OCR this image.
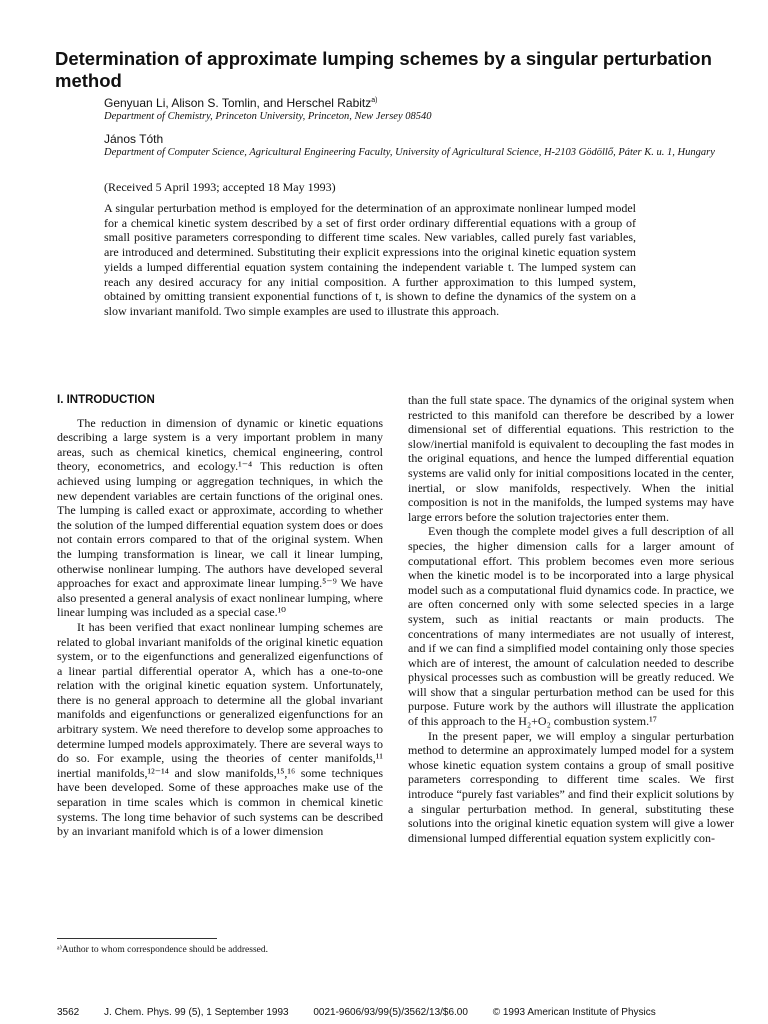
Determination of approximate lumping schemes by a singular perturbation method
Genyuan Li, Alison S. Tomlin, and Herschel Rabitz$^{a)}$
Department of Chemistry, Princeton University, Princeton, New Jersey 08540
János Tóth
Department of Computer Science, Agricultural Engineering Faculty, University of Agricultural Science, H-2103 Gödöllő, Páter K. u. 1, Hungary
(Received 5 April 1993; accepted 18 May 1993)

A singular perturbation method is employed for the determination of an approximate nonlinear lumped model for a chemical kinetic system described by a set of first order ordinary differential equations with a group of small positive parameters corresponding to different time scales. New variables, called purely fast variables, are introduced and determined. Substituting their explicit expressions into the original kinetic equation system yields a lumped differential equation system containing the independent variable t. The lumped system can reach any desired accuracy for any initial composition. A further approximation to this lumped system, obtained by omitting transient exponential functions of t, is shown to define the dynamics of the system on a slow invariant manifold. Two simple examples are used to illustrate this approach.

I. INTRODUCTION

The reduction in dimension of dynamic or kinetic equations describing a large system is a very important problem in many areas, such as chemical kinetics, chemical engineering, control theory, econometrics, and ecology.¹⁻⁴ This reduction is often achieved using lumping or aggregation techniques, in which the new dependent variables are certain functions of the original ones. The lumping is called exact or approximate, according to whether the solution of the lumped differential equation system does or does not contain errors compared to that of the original system. When the lumping transformation is linear, we call it linear lumping, otherwise nonlinear lumping. The authors have developed several approaches for exact and approximate linear lumping.⁵⁻⁹ We have also presented a general analysis of exact nonlinear lumping, where linear lumping was included as a special case.¹⁰

It has been verified that exact nonlinear lumping schemes are related to global invariant manifolds of the original kinetic equation system, or to the eigenfunctions and generalized eigenfunctions of a linear partial differential operator A, which has a one-to-one relation with the original kinetic equation system. Unfortunately, there is no general approach to determine all the global invariant manifolds and eigenfunctions or generalized eigenfunctions for an arbitrary system. We need therefore to develop some approaches to determine lumped models approximately. There are several ways to do so. For example, using the theories of center manifolds,¹¹ inertial manifolds,¹²⁻¹⁴ and slow manifolds,¹⁵,¹⁶ some techniques have been developed. Some of these approaches make use of the separation in time scales which is common in chemical kinetic systems. The long time behavior of such systems can be described by an invariant manifold which is of a lower dimension

than the full state space. The dynamics of the original system when restricted to this manifold can therefore be described by a lower dimensional set of differential equations. This restriction to the slow/inertial manifold is equivalent to decoupling the fast modes in the original equations, and hence the lumped differential equation systems are valid only for initial compositions located in the center, inertial, or slow manifolds, respectively. When the initial composition is not in the manifolds, the lumped systems may have large errors before the solution trajectories enter them.

Even though the complete model gives a full description of all species, the higher dimension calls for a larger amount of computational effort. This problem becomes even more serious when the kinetic model is to be incorporated into a large physical model such as a computational fluid dynamics code. In practice, we are often concerned only with some selected species in a large system, such as initial reactants or main products. The concentrations of many intermediates are not usually of interest, and if we can find a simplified model containing only those species which are of interest, the amount of calculation needed to describe physical processes such as combustion will be greatly reduced. We will show that a singular perturbation method can be used for this purpose. Future work by the authors will illustrate the application of this approach to the H₂+O₂ combustion system.¹⁷

In the present paper, we will employ a singular perturbation method to determine an approximately lumped model for a system whose kinetic equation system contains a group of small positive parameters corresponding to different time scales. We first introduce “purely fast variables” and find their explicit solutions by a singular perturbation method. In general, substituting these solutions into the original kinetic equation system will give a lower dimensional lumped differential equation system explicitly con-

ᵃ⁾Author to whom correspondence should be addressed.
3562 J. Chem. Phys. 99 (5), 1 September 1993 0021-9606/93/99(5)/3562/13/$6.00 © 1993 American Institute of Physics
